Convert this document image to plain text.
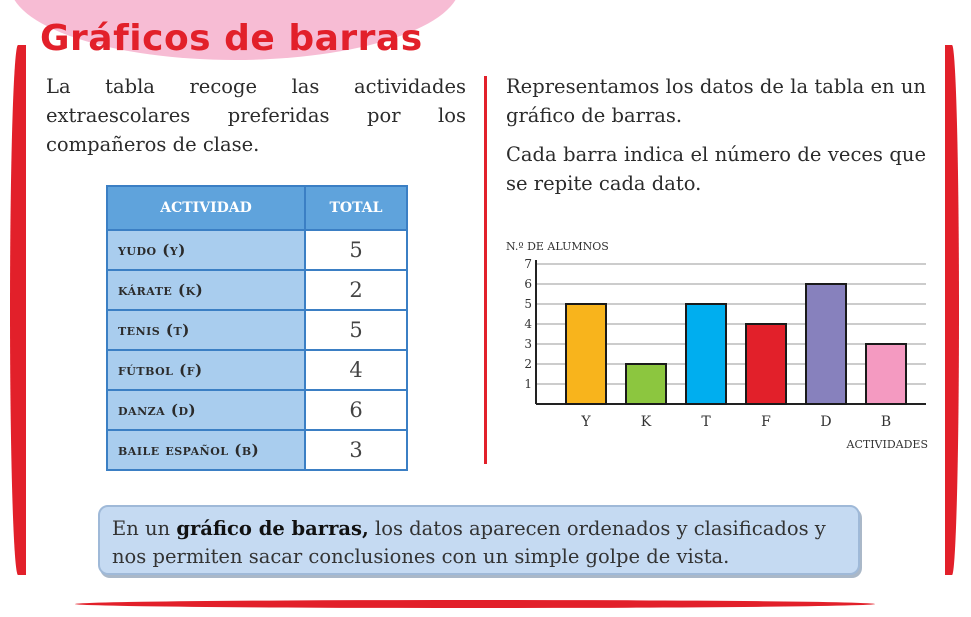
Gráficos de barras

La tabla recoge las actividades extraescolares preferidas por los compañeros de clase.

Representamos los datos de la tabla en un gráfico de barras.

Cada barra indica el número de veces que se repite cada dato.

ACTIVIDAD	TOTAL
yudo (y)	5
kárate (k)	2
tenis (t)	5
fútbol (f)	4
danza (d)	6
baile español (b)	3
N.º DE ALUMNOS
1
2
3
4
5
6
7
Y	K	T	F	D	B
ACTIVIDADES

En un gráfico de barras, los datos aparecen ordenados y clasificados y nos permiten sacar conclusiones con un simple golpe de vista.
